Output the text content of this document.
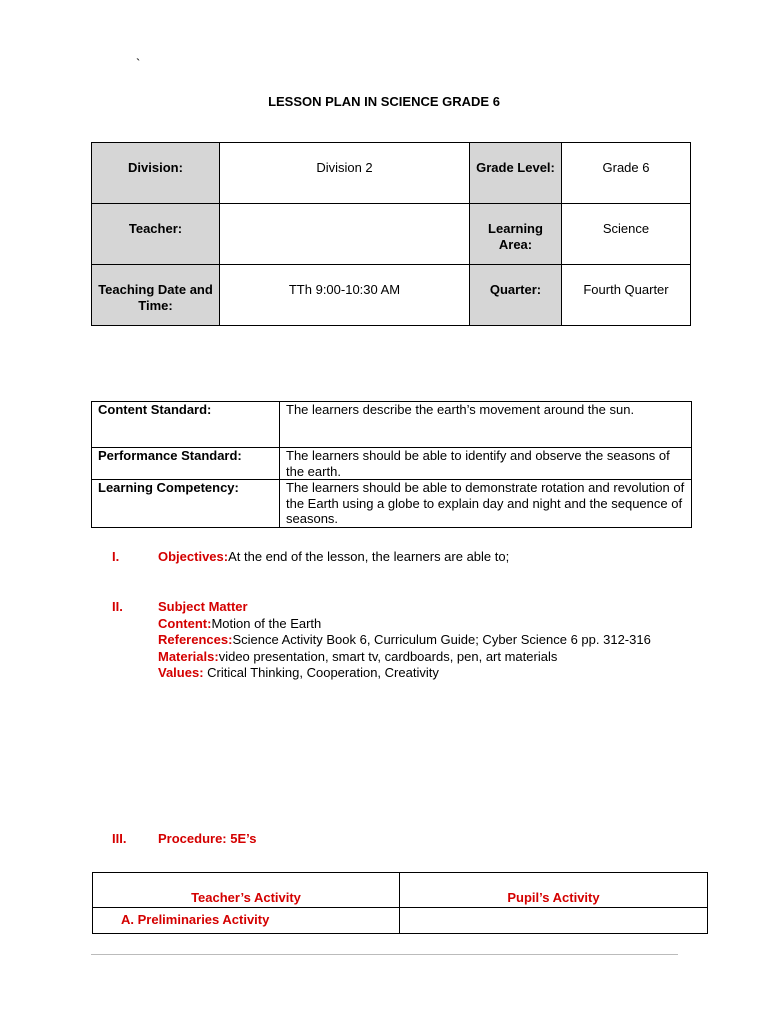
`
LESSON PLAN IN SCIENCE GRADE 6
Division:	Division 2	Grade Level:	Grade 6

Teacher:		Learning Area:	Science

Teaching Date and Time:	TTh 9:00-10:30 AM	Quarter:	Fourth Quarter
Content Standard:	The learners describe the earth’s movement around the sun.
Performance Standard:	The learners should be able to identify and observe the seasons of the earth.
Learning Competency:	The learners should be able to demonstrate rotation and revolution of the Earth using a globe to explain day and night and the sequence of seasons.
I.	Objectives:At the end of the lesson, the learners are able to;
II.	Subject Matter
Content:Motion of the Earth
References:Science Activity Book 6, Curriculum Guide; Cyber Science 6 pp. 312-316
Materials:video presentation, smart tv, cardboards, pen, art materials
Values: Critical Thinking, Cooperation, Creativity
III. Procedure: 5E’s
Teacher’s Activity	Pupil’s Activity
A. Preliminaries Activity	
